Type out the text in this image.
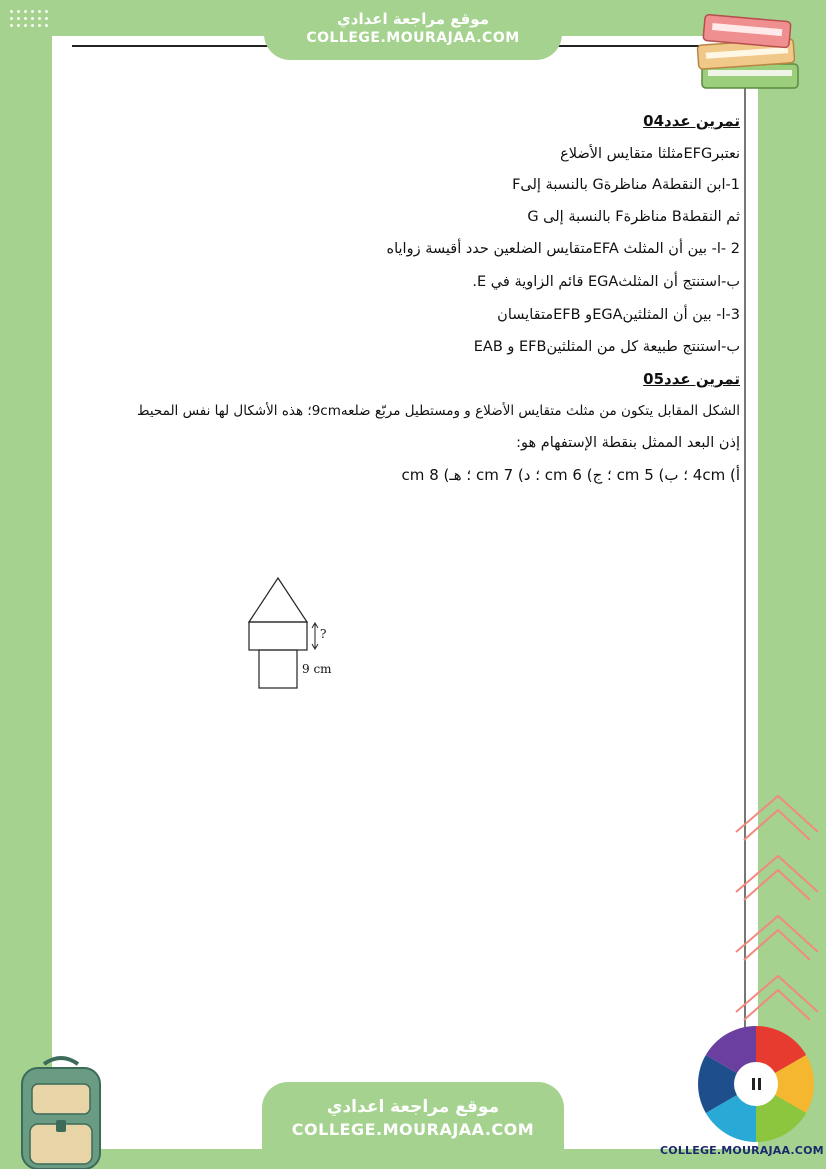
موقع مراجعة اعدادي
COLLEGE.MOURAJAA.COM
تمرين عدد04
نعتبرEFGمثلثا متقايس الأضلاع
1-ابن النقطةA مناظرةG بالنسبة إلىF
ثم النقطةB مناظرةF بالنسبة إلى G
2 -ا- بين أن المثلث EFAمتقايس الضلعين حدد أقيسة زواياه
ب-استنتج أن المثلثEGA قائم الزاوية في E.
3-ا- بين أن المثلثينEGAو EFBمتقايسان
ب-استنتج طبيعة كل من المثلثينEFB و EAB
تمرين عدد05
الشكل المقابل يتكون من مثلث متقايس الأضلاع و ومستطيل مربّع ضلعه9cm؛ هذه الأشكال لها نفس المحيط
إذن البعد الممثل بنقطة الإستفهام هو:
أ) 4cm ؛ ب) 5 cm ؛ ج) 6 cm ؛ د) 7 cm ؛ هـ) 8 cm
?
9 cm
موقع مراجعة اعدادي
COLLEGE.MOURAJAA.COM
COLLEGE.MOURAJAA.COM
